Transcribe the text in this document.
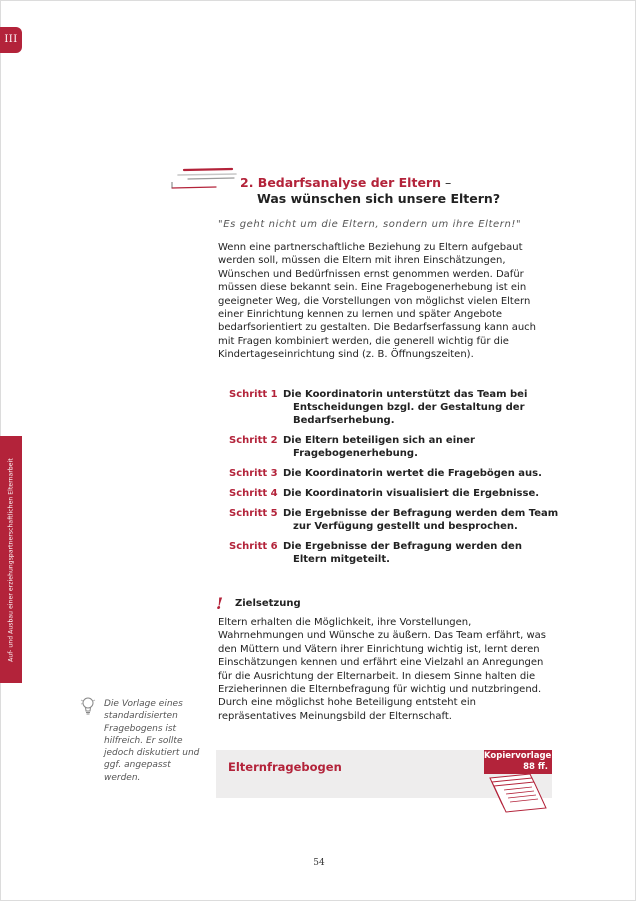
III
Auf- und Ausbau einer erziehungspartnerschaftlichen Elternarbeit
2. Bedarfsanalyse der Eltern –
Was wünschen sich unsere Eltern?
"Es geht nicht um die Eltern, sondern um ihre Eltern!"
Wenn eine partnerschaftliche Beziehung zu Eltern aufgebaut werden soll, müssen die Eltern mit ihren Einschätzungen, Wünschen und Bedürfnissen ernst genommen werden. Dafür müssen diese bekannt sein. Eine Fragebogenerhebung ist ein geeigneter Weg, die Vorstellungen von möglichst vielen Eltern einer Einrichtung kennen zu lernen und später Angebote bedarfsorientiert zu gestalten. Die Bedarfserfassung kann auch mit Fragen kombiniert werden, die generell wichtig für die Kindertageseinrichtung sind (z. B. Öffnungszeiten).
Schritt 1 Die Koordinatorin unterstützt das Team bei Entscheidungen bzgl. der Gestaltung der Bedarfserhebung.
Schritt 2 Die Eltern beteiligen sich an einer Fragebogenerhebung.
Schritt 3 Die Koordinatorin wertet die Fragebögen aus.
Schritt 4 Die Koordinatorin visualisiert die Ergebnisse.
Schritt 5 Die Ergebnisse der Befragung werden dem Team zur Verfügung gestellt und besprochen.
Schritt 6 Die Ergebnisse der Befragung werden den Eltern mitgeteilt.
! Zielsetzung
Eltern erhalten die Möglichkeit, ihre Vorstellungen, Wahrnehmungen und Wünsche zu äußern. Das Team erfährt, was den Müttern und Vätern ihrer Einrichtung wichtig ist, lernt deren Einschätzungen kennen und erfährt eine Vielzahl an Anregungen für die Ausrichtung der Elternarbeit. In diesem Sinne halten die Erzieherinnen die Elternbefragung für wichtig und nutzbringend. Durch eine möglichst hohe Beteiligung entsteht ein repräsentatives Meinungsbild der Elternschaft.
Die Vorlage eines standardisierten Fragebogens ist hilfreich. Er sollte jedoch diskutiert und ggf. angepasst werden.
Elternfragebogen
Kopiervorlage
88 ff.
54
